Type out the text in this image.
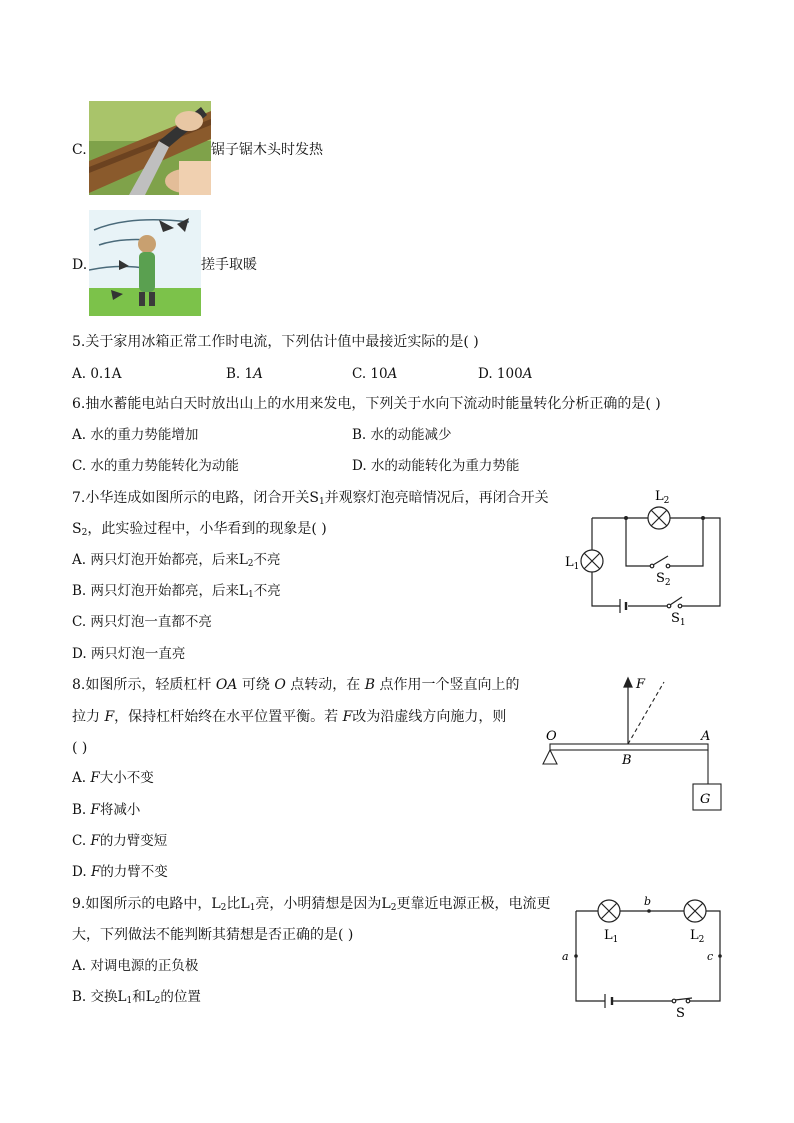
C.	锯子锯木头时发热
D.	搓手取暖
5.关于家用冰箱正常工作时电流，下列估计值中最接近实际的是( )
A. 0.1A	B. 1A	C. 10A	D. 100A
6.抽水蓄能电站白天时放出山上的水用来发电，下列关于水向下流动时能量转化分析正确的是( )
A. 水的重力势能增加	B. 水的动能减少
C. 水的重力势能转化为动能	D. 水的动能转化为重力势能
7.小华连成如图所示的电路，闭合开关$S_1$并观察灯泡亮暗情况后，再闭合开关
$S_2$，此实验过程中，小华看到的现象是( )
A. 两只灯泡开始都亮，后来$L_2$不亮
B. 两只灯泡开始都亮，后来$L_1$不亮
C. 两只灯泡一直都不亮
D. 两只灯泡一直亮
$L_2$
$L_1$
$S_2$
$S_1$
8.如图所示，轻质杠杆 OA 可绕 O 点转动，在 B 点作用一个竖直向上的
拉力 F，保持杠杆始终在水平位置平衡。若 F改为沿虚线方向施力，则
( )
A. F大小不变
B. F将减小
C. F的力臂变短
D. F的力臂不变
F
O	A
B
G
9.如图所示的电路中，$L_2$比$L_1$亮，小明猜想是因为$L_2$更靠近电源正极，电流更
大，下列做法不能判断其猜想是否正确的是( )
A. 对调电源的正负极
B. 交换$L_1$和$L_2$的位置
b
a	c
$L_1$	$L_2$
S
